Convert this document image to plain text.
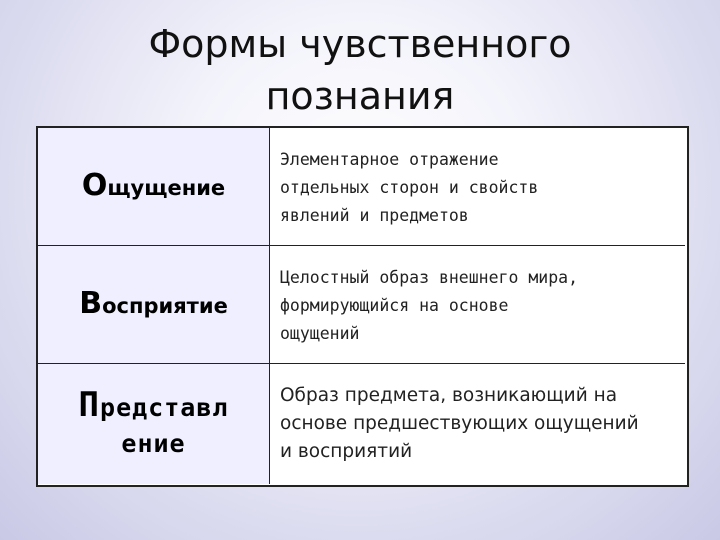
Формы чувственного
познания
Ощущение
Элементарное отражение
отдельных сторон и свойств
явлений и предметов
Восприятие
Целостный образ внешнего мира,
формирующийся на основе
ощущений
Представл
ение
Образ предмета, возникающий на
основе предшествующих ощущений
и восприятий
